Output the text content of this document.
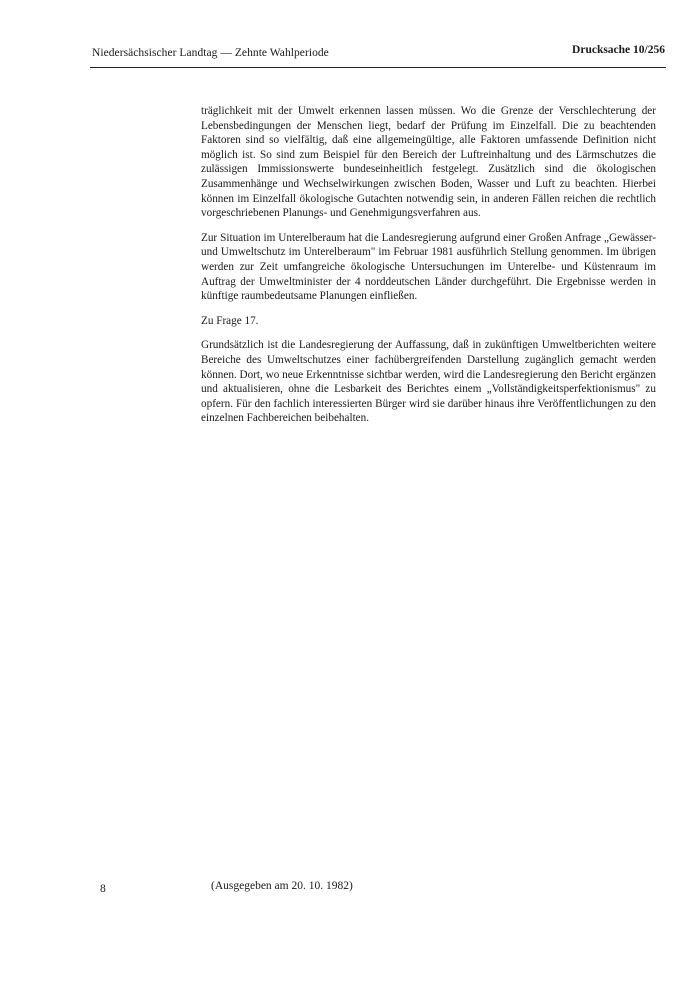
Niedersächsischer Landtag — Zehnte Wahlperiode	Drucksache 10/256

träglichkeit mit der Umwelt erkennen lassen müssen. Wo die Grenze der Verschlechterung der Lebensbedingungen der Menschen liegt, bedarf der Prüfung im Einzelfall. Die zu beachtenden Faktoren sind so vielfältig, daß eine allgemeingültige, alle Faktoren umfassende Definition nicht möglich ist. So sind zum Beispiel für den Bereich der Luftreinhaltung und des Lärmschutzes die zulässigen Immissionswerte bundeseinheitlich festgelegt. Zusätzlich sind die ökologischen Zusammenhänge und Wechselwirkungen zwischen Boden, Wasser und Luft zu beachten. Hierbei können im Einzelfall ökologische Gutachten notwendig sein, in anderen Fällen reichen die rechtlich vorgeschriebenen Planungs- und Genehmigungsverfahren aus.

Zur Situation im Unterelberaum hat die Landesregierung aufgrund einer Großen Anfrage „Gewässer- und Umweltschutz im Unterelberaum" im Februar 1981 ausführlich Stellung genommen. Im übrigen werden zur Zeit umfangreiche ökologische Untersuchungen im Unterelbe- und Küstenraum im Auftrag der Umweltminister der 4 norddeutschen Länder durchgeführt. Die Ergebnisse werden in künftige raumbedeutsame Planungen einfließen.

Zu Frage 17.

Grundsätzlich ist die Landesregierung der Auffassung, daß in zukünftigen Umweltberichten weitere Bereiche des Umweltschutzes einer fachübergreifenden Darstellung zugänglich gemacht werden können. Dort, wo neue Erkenntnisse sichtbar werden, wird die Landesregierung den Bericht ergänzen und aktualisieren, ohne die Lesbarkeit des Berichtes einem „Vollständigkeitsperfektionismus" zu opfern. Für den fachlich interessierten Bürger wird sie darüber hinaus ihre Veröffentlichungen zu den einzelnen Fachbereichen beibehalten.

8	(Ausgegeben am 20. 10. 1982)
